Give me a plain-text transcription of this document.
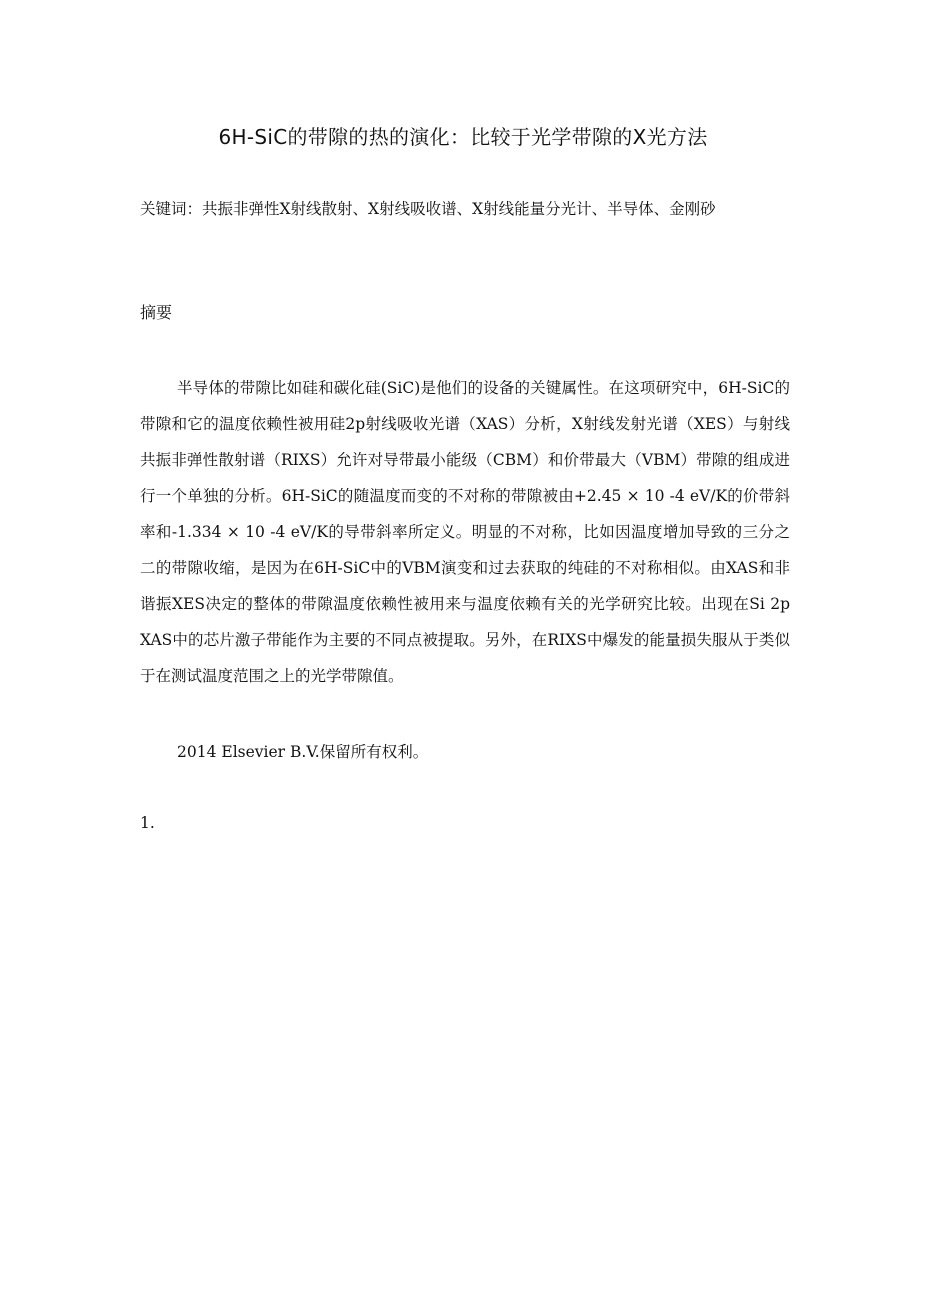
6H-SiC的带隙的热的演化：比较于光学带隙的X光方法

关键词：共振非弹性X射线散射、X射线吸收谱、X射线能量分光计、半导体、金刚砂

摘要

半导体的带隙比如硅和碳化硅(SiC)是他们的设备的关键属性。在这项研究中，6H-SiC的带隙和它的温度依赖性被用硅2p射线吸收光谱（XAS）分析，X射线发射光谱（XES）与射线共振非弹性散射谱（RIXS）允许对导带最小能级（CBM）和价带最大（VBM）带隙的组成进行一个单独的分析。6H-SiC的随温度而变的不对称的带隙被由+2.45 × 10 -4 eV/K的价带斜率和-1.334 × 10 -4 eV/K的导带斜率所定义。明显的不对称，比如因温度增加导致的三分之二的带隙收缩，是因为在6H-SiC中的VBM演变和过去获取的纯硅的不对称相似。由XAS和非谐振XES决定的整体的带隙温度依赖性被用来与温度依赖有关的光学研究比较。出现在Si 2p XAS中的芯片激子带能作为主要的不同点被提取。另外，在RIXS中爆发的能量损失服从于类似于在测试温度范围之上的光学带隙值。

2014 Elsevier B.V.保留所有权利。

1.
